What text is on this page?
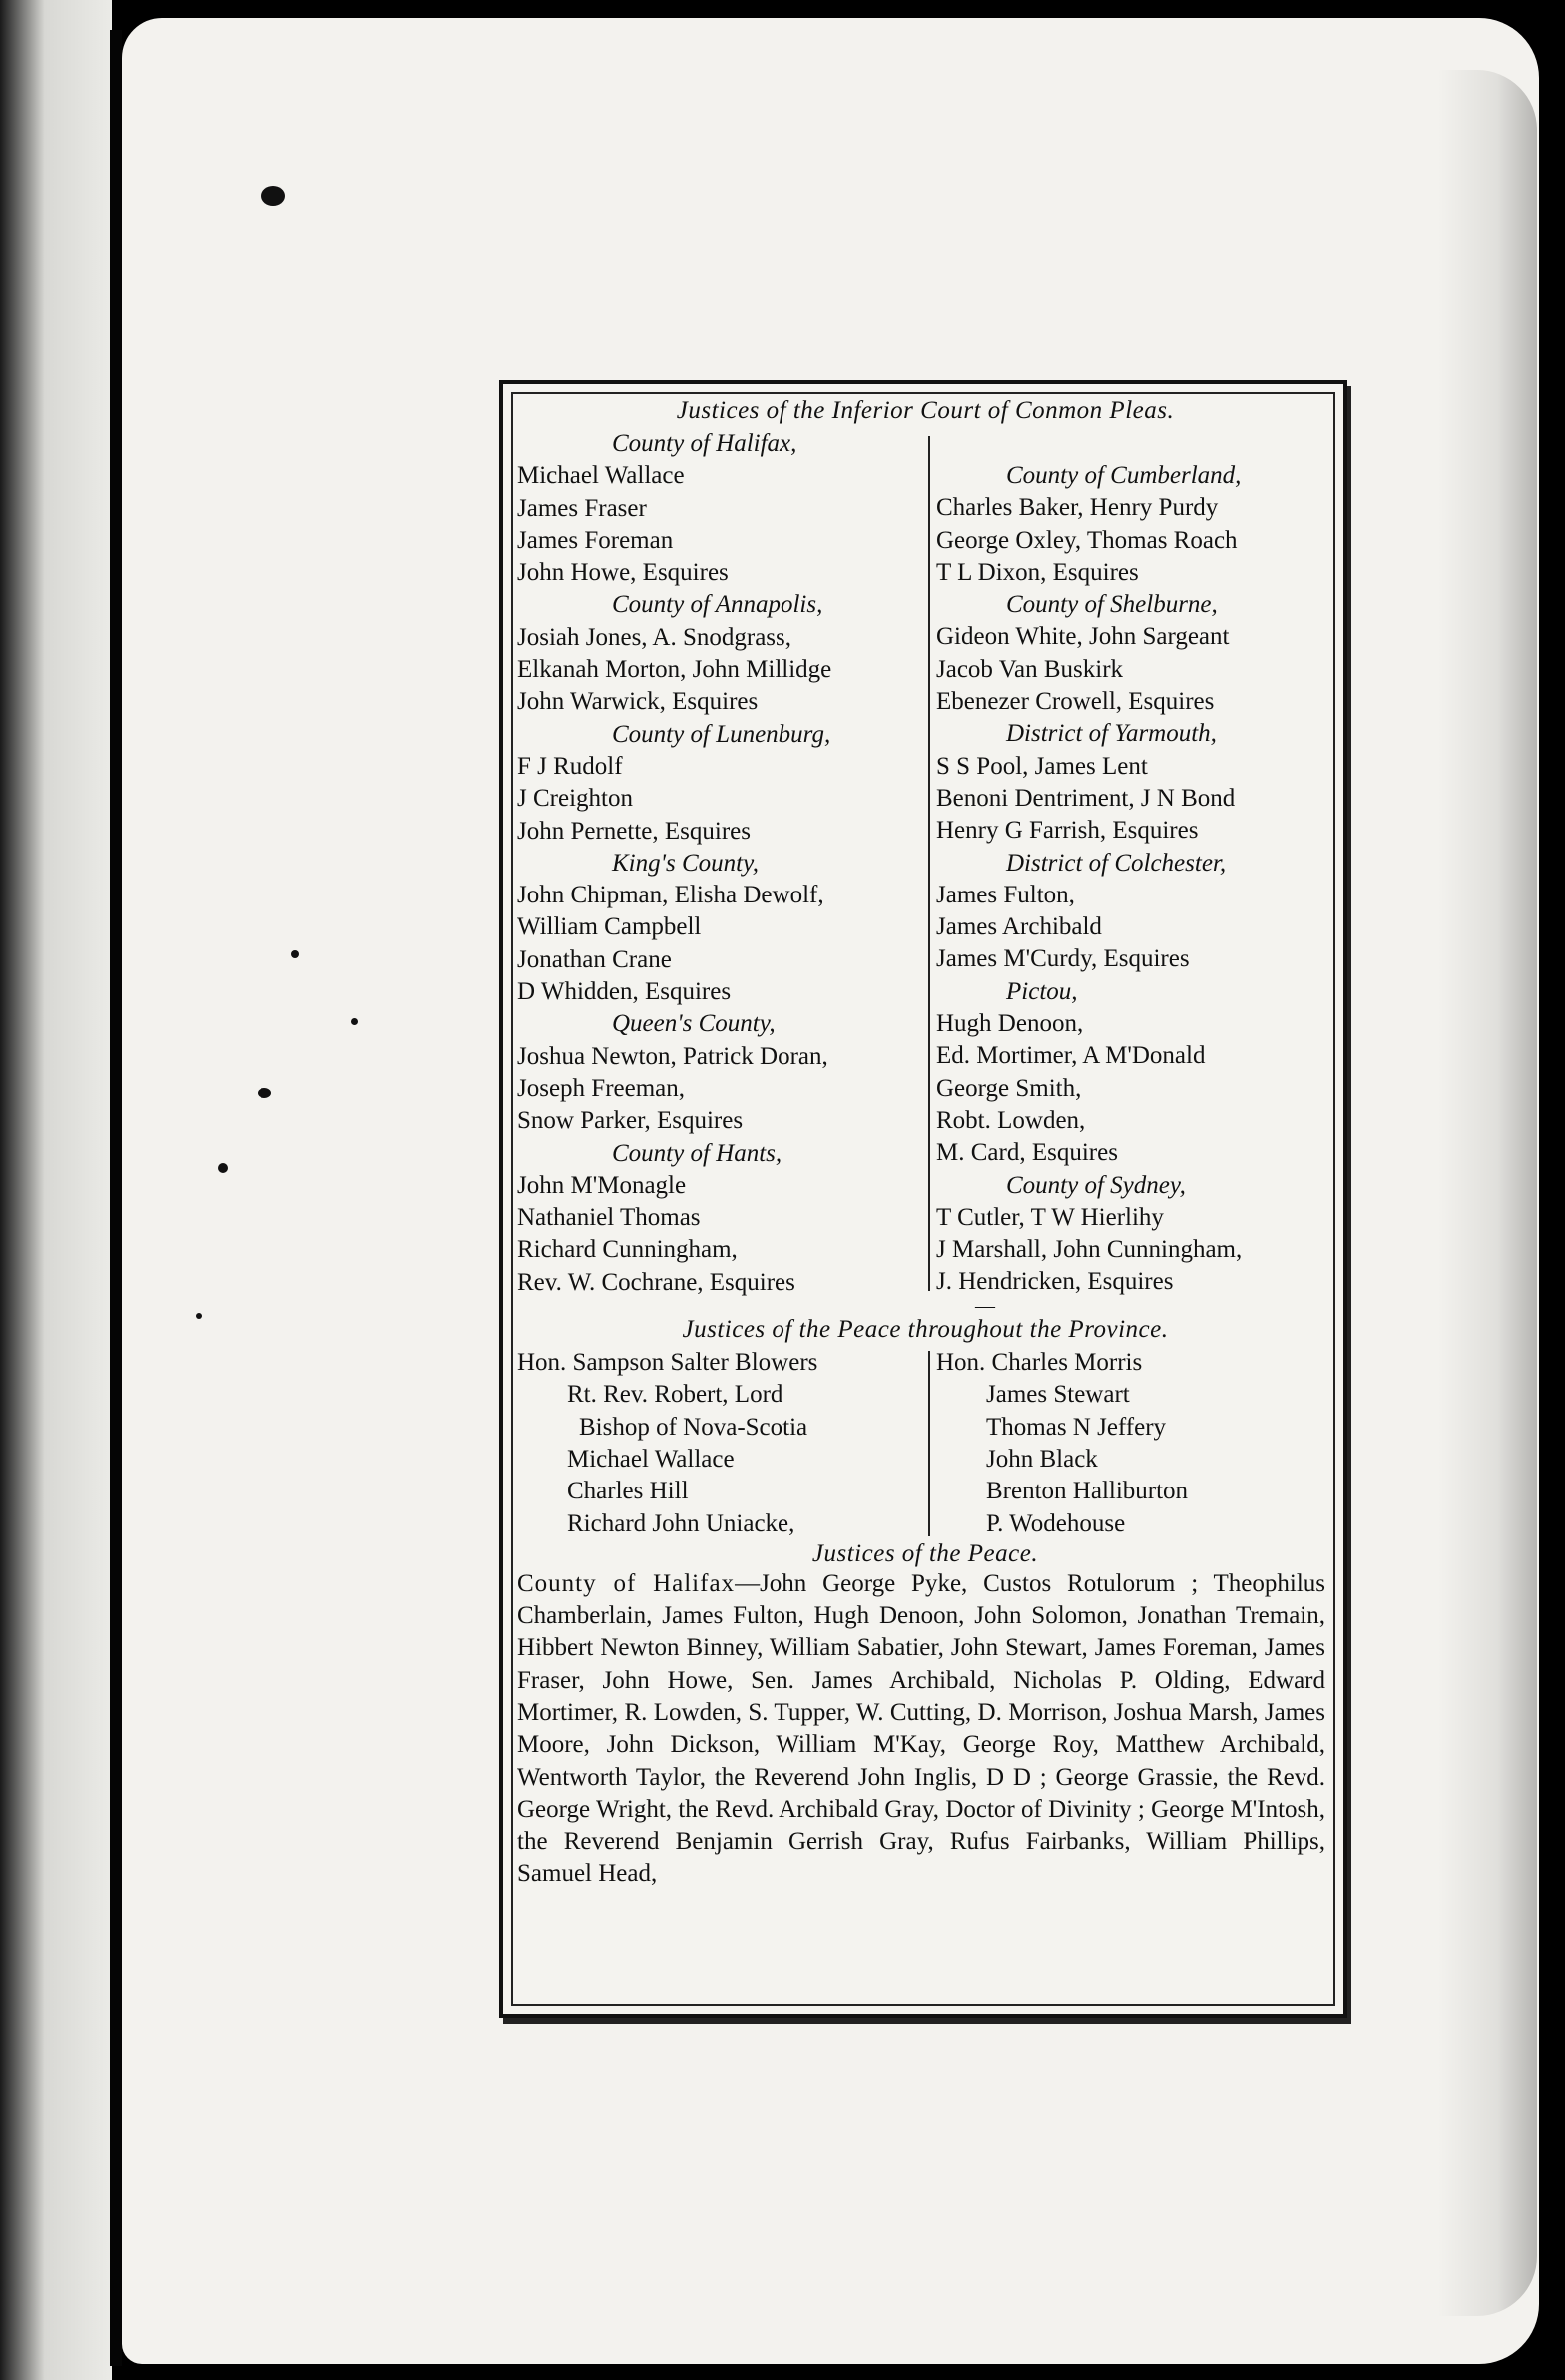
Justices of the Inferior Court of Conmon Pleas.
County of Halifax,
Michael Wallace
James Fraser
James Foreman
John Howe, Esquires
County of Annapolis,
Josiah Jones, A. Snodgrass,
Elkanah Morton, John Millidge
John Warwick, Esquires
County of Lunenburg,
F J Rudolf
J Creighton
John Pernette, Esquires
King's County,
John Chipman, Elisha Dewolf,
William Campbell
Jonathan Crane
D Whidden, Esquires
Queen's County,
Joshua Newton, Patrick Doran,
Joseph Freeman,
Snow Parker, Esquires
County of Hants,
John M'Monagle
Nathaniel Thomas
Richard Cunningham,
Rev. W. Cochrane, Esquires
County of Cumberland,
Charles Baker, Henry Purdy
George Oxley, Thomas Roach
T L Dixon, Esquires
County of Shelburne,
Gideon White, John Sargeant
Jacob Van Buskirk
Ebenezer Crowell, Esquires
District of Yarmouth,
S S Pool, James Lent
Benoni Dentriment, J N Bond
Henry G Farrish, Esquires
District of Colchester,
James Fulton,
James Archibald
James M'Curdy, Esquires
Pictou,
Hugh Denoon,
Ed. Mortimer, A M'Donald
George Smith,
Robt. Lowden,
M. Card, Esquires
County of Sydney,
T Cutler, T W Hierlihy
J Marshall, John Cunningham,
J. Hendricken, Esquires
—
Justices of the Peace throughout the Province.
Hon. Sampson Salter Blowers
Rt. Rev. Robert, Lord
Bishop of Nova-Scotia
Michael Wallace
Charles Hill
Richard John Uniacke,
Hon. Charles Morris
James Stewart
Thomas N Jeffery
John Black
Brenton Halliburton
P. Wodehouse
Justices of the Peace.
County of Halifax—John George Pyke, Custos Rotulorum ; Theophilus Chamberlain, James Fulton, Hugh Denoon, John Solomon, Jonathan Tremain, Hibbert Newton Binney, William Sabatier, John Stewart, James Foreman, James Fraser, John Howe, Sen. James Archibald, Nicholas P. Olding, Edward Mortimer, R. Lowden, S. Tupper, W. Cutting, D. Morrison, Joshua Marsh, James Moore, John Dickson, William M'Kay, George Roy, Matthew Archibald, Wentworth Taylor, the Reverend John Inglis, D D ; George Grassie, the Revd. George Wright, the Revd. Archibald Gray, Doctor of Divinity ; George M'Intosh, the Reverend Benjamin Gerrish Gray, Rufus Fairbanks, William Phillips, Samuel Head,
